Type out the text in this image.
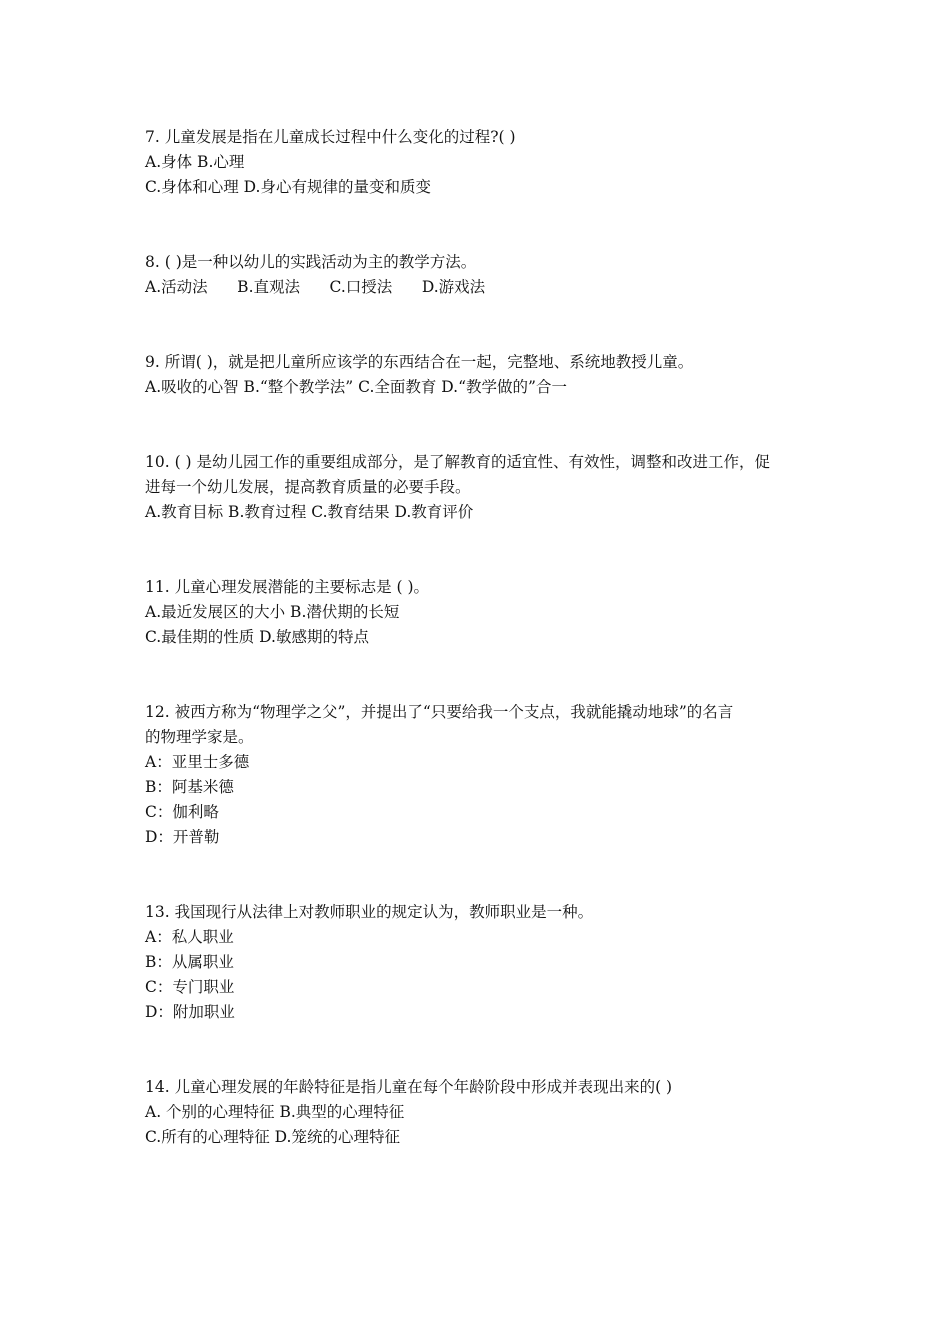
7. 儿童发展是指在儿童成长过程中什么变化的过程?( )
A.身体 B.心理
C.身体和心理 D.身心有规律的量变和质变
8. ( )是一种以幼儿的实践活动为主的教学方法。
A.活动法      B.直观法      C.口授法      D.游戏法
9. 所谓( )，就是把儿童所应该学的东西结合在一起，完整地、系统地教授儿童。
A.吸收的心智 B.“整个教学法” C.全面教育 D.“教学做的”合一
10. ( ) 是幼儿园工作的重要组成部分，是了解教育的适宜性、有效性，调整和改进工作，促
进每一个幼儿发展，提高教育质量的必要手段。
A.教育目标 B.教育过程 C.教育结果 D.教育评价
11. 儿童心理发展潜能的主要标志是 ( )。
A.最近发展区的大小 B.潜伏期的长短
C.最佳期的性质 D.敏感期的特点
12. 被西方称为“物理学之父”，并提出了“只要给我一个支点，我就能撬动地球”的名言
的物理学家是。
A：亚里士多德
B：阿基米德
C：伽利略
D：开普勒
13. 我国现行从法律上对教师职业的规定认为，教师职业是一种。
A：私人职业
B：从属职业
C：专门职业
D：附加职业
14. 儿童心理发展的年龄特征是指儿童在每个年龄阶段中形成并表现出来的( )
A. 个别的心理特征 B.典型的心理特征
C.所有的心理特征 D.笼统的心理特征
